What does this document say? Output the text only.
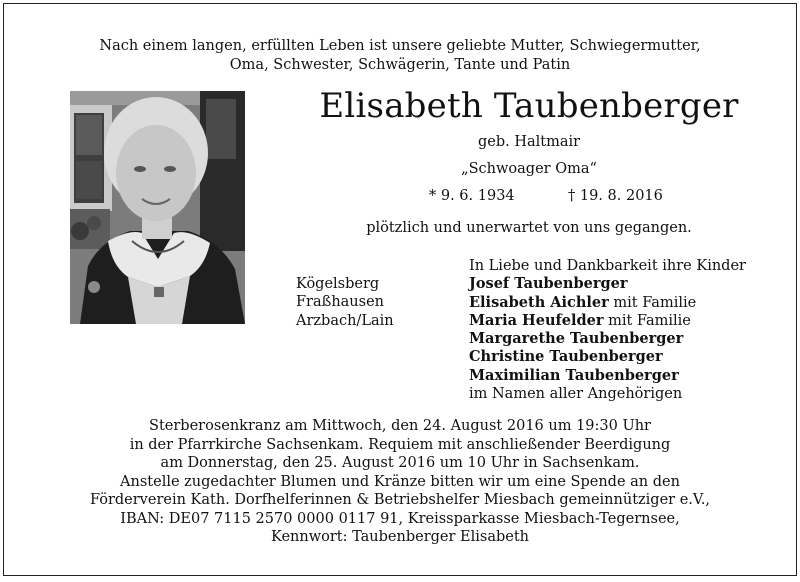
Nach einem langen, erfüllten Leben ist unsere geliebte Mutter, Schwiegermutter,
Oma, Schwester, Schwägerin, Tante und Patin
Elisabeth Taubenberger
geb. Haltmair
„Schwoager Oma“
* 9. 6. 1934	† 19. 8. 2016
plötzlich und unerwartet von uns gegangen.
Kögelsberg
Fraßhausen
Arzbach/Lain
In Liebe und Dankbarkeit ihre Kinder
Josef Taubenberger
Elisabeth Aichler mit Familie
Maria Heufelder mit Familie
Margarethe Taubenberger
Christine Taubenberger
Maximilian Taubenberger
im Namen aller Angehörigen
Sterberosenkranz am Mittwoch, den 24. August 2016 um 19:30 Uhr
in der Pfarrkirche Sachsenkam. Requiem mit anschließender Beerdigung
am Donnerstag, den 25. August 2016 um 10 Uhr in Sachsenkam.
Anstelle zugedachter Blumen und Kränze bitten wir um eine Spende an den
Förderverein Kath. Dorfhelferinnen & Betriebshelfer Miesbach gemeinnütziger e.V.,
IBAN: DE07 7115 2570 0000 0117 91, Kreissparkasse Miesbach-Tegernsee,
Kennwort: Taubenberger Elisabeth
